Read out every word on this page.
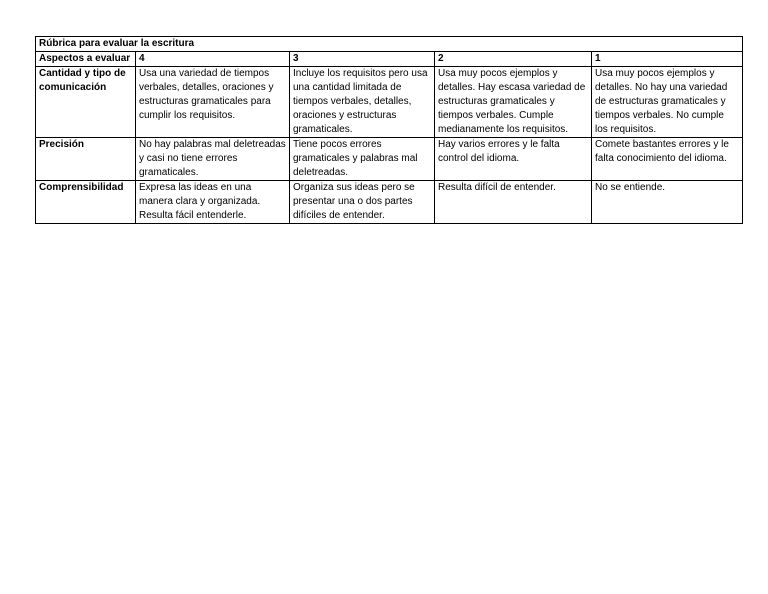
Rúbrica para evaluar la escritura				
Aspectos a evaluar	4	3	2	1
Cantidad y tipo de comunicación	Usa una variedad de tiempos verbales, detalles, oraciones y estructuras gramaticales para cumplir los requisitos.	Incluye los requisitos pero usa una cantidad limitada de tiempos verbales, detalles, oraciones y estructuras gramaticales.	Usa muy pocos ejemplos y detalles. Hay escasa variedad de estructuras gramaticales y tiempos verbales. Cumple medianamente los requisitos.	Usa muy pocos ejemplos y detalles. No hay una variedad de estructuras gramaticales y tiempos verbales. No cumple los requisitos.
Precisión	No hay palabras mal deletreadas y casi no tiene errores gramaticales.	Tiene pocos errores gramaticales y palabras mal deletreadas.	Hay varios errores y le falta control del idioma.	Comete bastantes errores y le falta conocimiento del idioma.
Comprensibilidad	Expresa las ideas en una manera clara y organizada. Resulta fácil entenderle.	Organiza sus ideas pero se presentar una o dos partes difíciles de entender.	Resulta difícil de entender.	No se entiende.
